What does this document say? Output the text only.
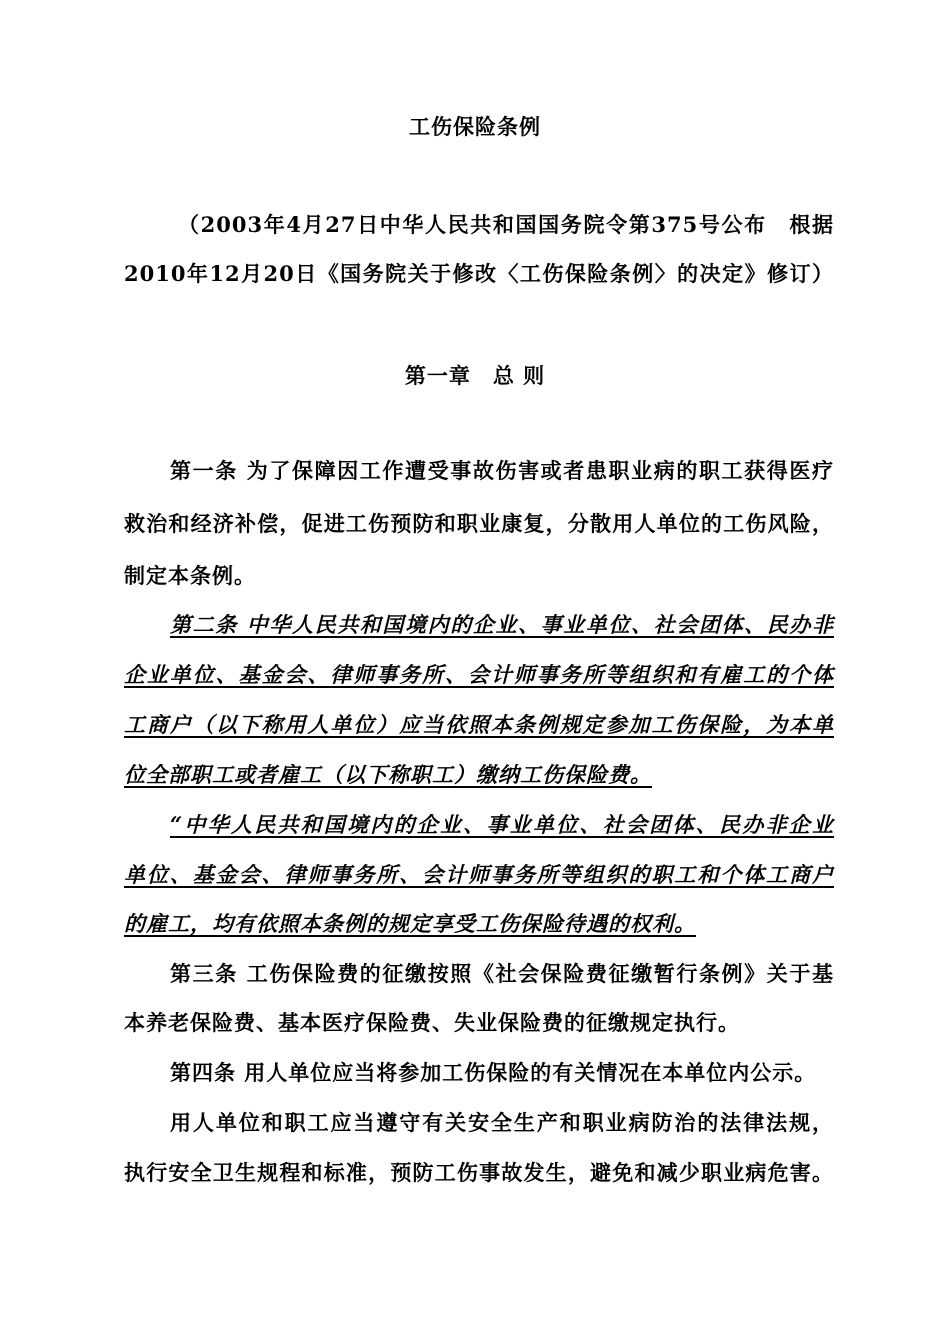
工伤保险条例
（2003年4月27日中华人民共和国国务院令第375号公布　根据
2010年12月20日《国务院关于修改〈工伤保险条例〉的决定》修订）
第一章　总 则
第一条 为了保障因工作遭受事故伤害或者患职业病的职工获得医疗
救治和经济补偿，促进工伤预防和职业康复，分散用人单位的工伤风险，
制定本条例。
第二条 中华人民共和国境内的企业、事业单位、社会团体、民办非
企业单位、基金会、律师事务所、会计师事务所等组织和有雇工的个体
工商户（以下称用人单位）应当依照本条例规定参加工伤保险，为本单
位全部职工或者雇工（以下称职工）缴纳工伤保险费。
“中华人民共和国境内的企业、事业单位、社会团体、民办非企业
单位、基金会、律师事务所、会计师事务所等组织的职工和个体工商户
的雇工，均有依照本条例的规定享受工伤保险待遇的权利。
第三条 工伤保险费的征缴按照《社会保险费征缴暂行条例》关于基
本养老保险费、基本医疗保险费、失业保险费的征缴规定执行。
第四条 用人单位应当将参加工伤保险的有关情况在本单位内公示。
用人单位和职工应当遵守有关安全生产和职业病防治的法律法规，
执行安全卫生规程和标准，预防工伤事故发生，避免和减少职业病危害。
